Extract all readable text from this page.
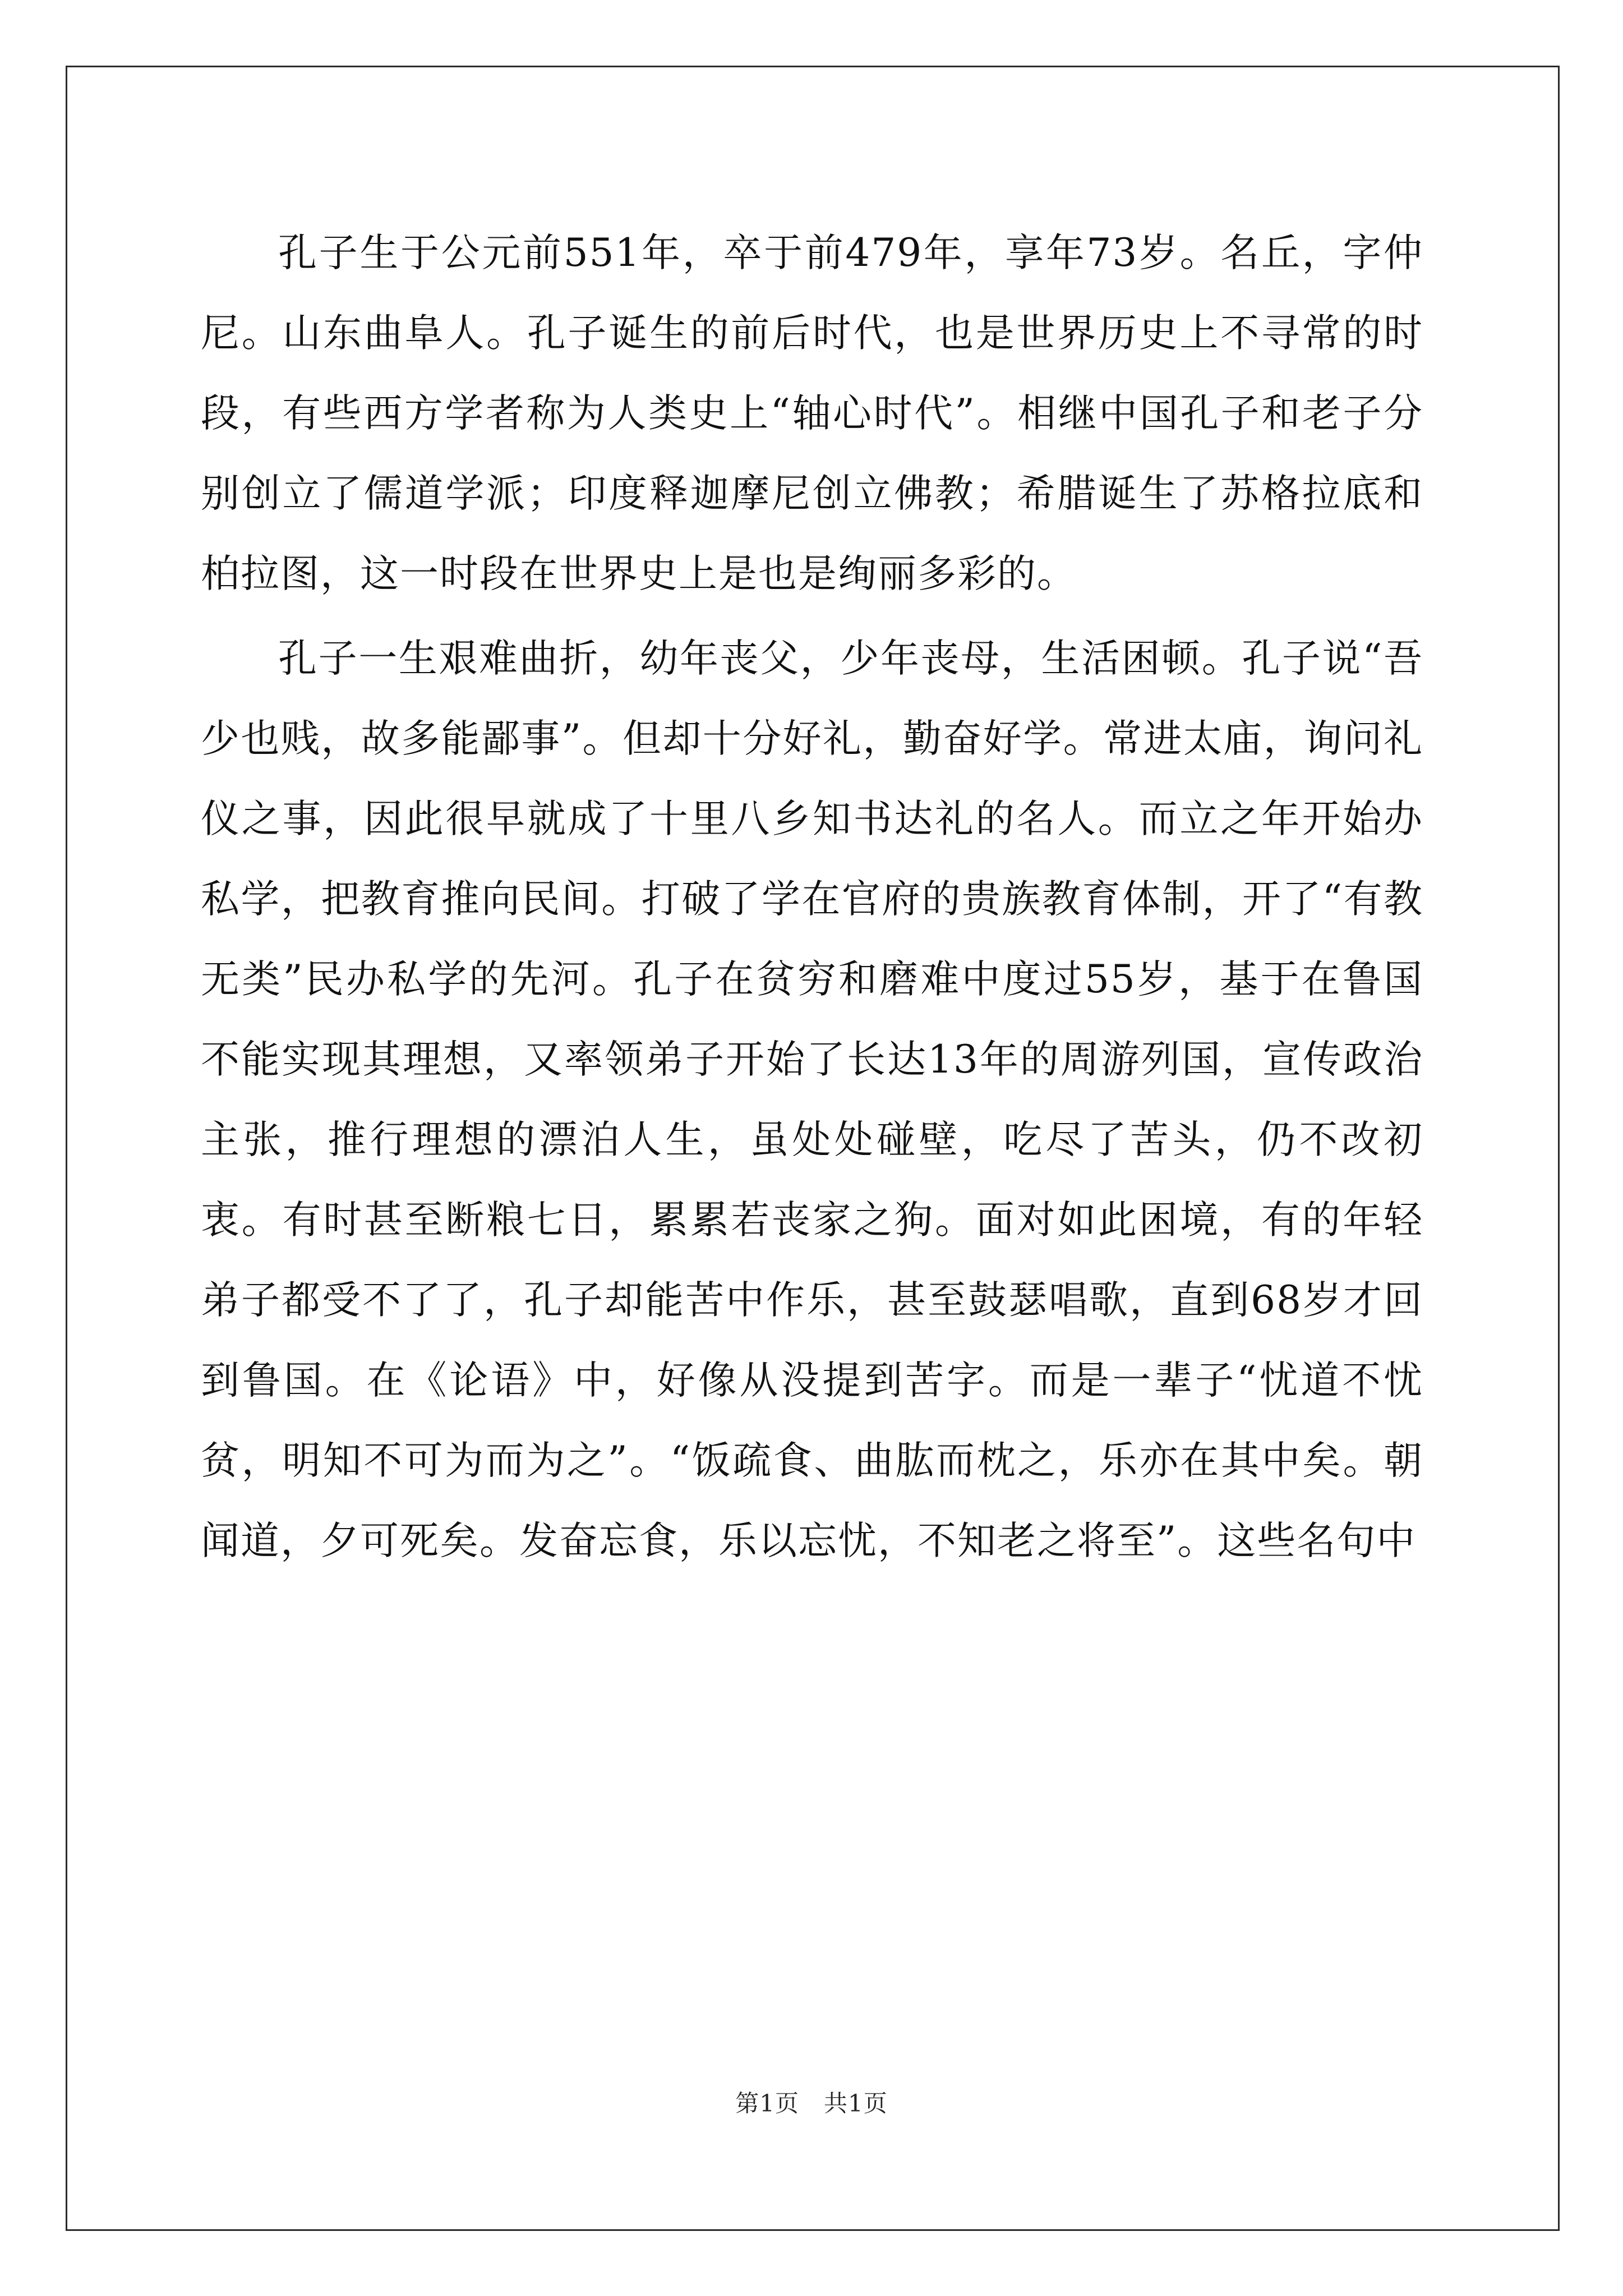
孔子生于公元前551年，卒于前479年，享年73岁。名丘，字仲尼。山东曲阜人。孔子诞生的前后时代，也是世界历史上不寻常的时段，有些西方学者称为人类史上“轴心时代”。相继中国孔子和老子分别创立了儒道学派；印度释迦摩尼创立佛教；希腊诞生了苏格拉底和柏拉图，这一时段在世界史上是也是绚丽多彩的。

孔子一生艰难曲折，幼年丧父，少年丧母，生活困顿。孔子说“吾少也贱，故多能鄙事”。但却十分好礼，勤奋好学。常进太庙，询问礼仪之事，因此很早就成了十里八乡知书达礼的名人。而立之年开始办私学，把教育推向民间。打破了学在官府的贵族教育体制，开了“有教无类”民办私学的先河。孔子在贫穷和磨难中度过55岁，基于在鲁国不能实现其理想，又率领弟子开始了长达13年的周游列国，宣传政治主张，推行理想的漂泊人生，虽处处碰壁，吃尽了苦头，仍不改初衷。有时甚至断粮七日，累累若丧家之狗。面对如此困境，有的年轻弟子都受不了了，孔子却能苦中作乐，甚至鼓瑟唱歌，直到68岁才回到鲁国。在《论语》中，好像从没提到苦字。而是一辈子“忧道不忧贫，明知不可为而为之”。“饭疏食、曲肱而枕之，乐亦在其中矣。朝闻道，夕可死矣。发奋忘食，乐以忘忧，不知老之将至”。这些名句中

第1页 共1页
